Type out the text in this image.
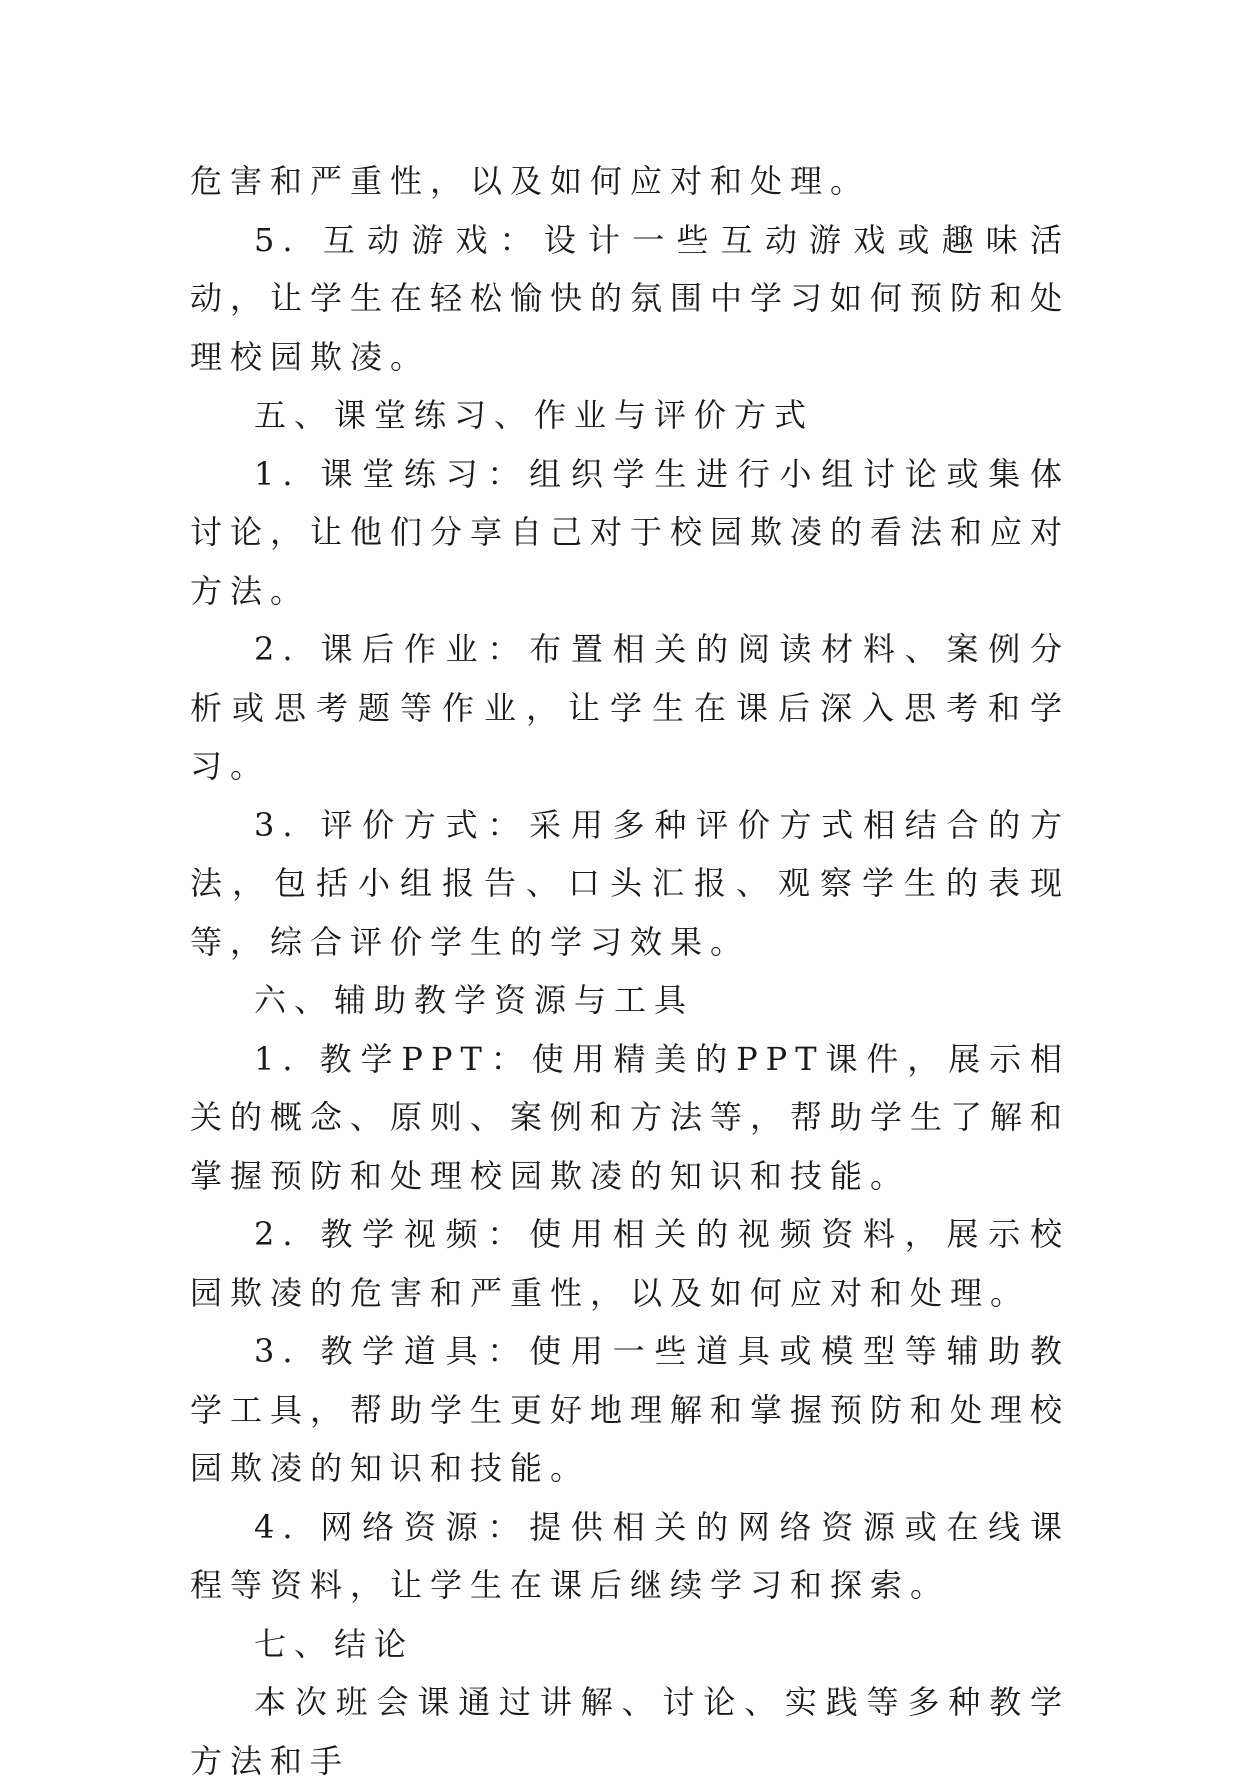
危害和严重性，以及如何应对和处理。

5. 互动游戏：设计一些互动游戏或趣味活动，让学生在轻松愉快的氛围中学习如何预防和处理校园欺凌。

五、课堂练习、作业与评价方式

1. 课堂练习：组织学生进行小组讨论或集体讨论，让他们分享自己对于校园欺凌的看法和应对方法。

2. 课后作业：布置相关的阅读材料、案例分析或思考题等作业，让学生在课后深入思考和学习。

3. 评价方式：采用多种评价方式相结合的方法，包括小组报告、口头汇报、观察学生的表现等，综合评价学生的学习效果。

六、辅助教学资源与工具

1. 教学PPT：使用精美的PPT课件，展示相关的概念、原则、案例和方法等，帮助学生了解和掌握预防和处理校园欺凌的知识和技能。

2. 教学视频：使用相关的视频资料，展示校园欺凌的危害和严重性，以及如何应对和处理。

3. 教学道具：使用一些道具或模型等辅助教学工具，帮助学生更好地理解和掌握预防和处理校园欺凌的知识和技能。

4. 网络资源：提供相关的网络资源或在线课程等资料，让学生在课后继续学习和探索。

七、结论

本次班会课通过讲解、讨论、实践等多种教学方法和手
